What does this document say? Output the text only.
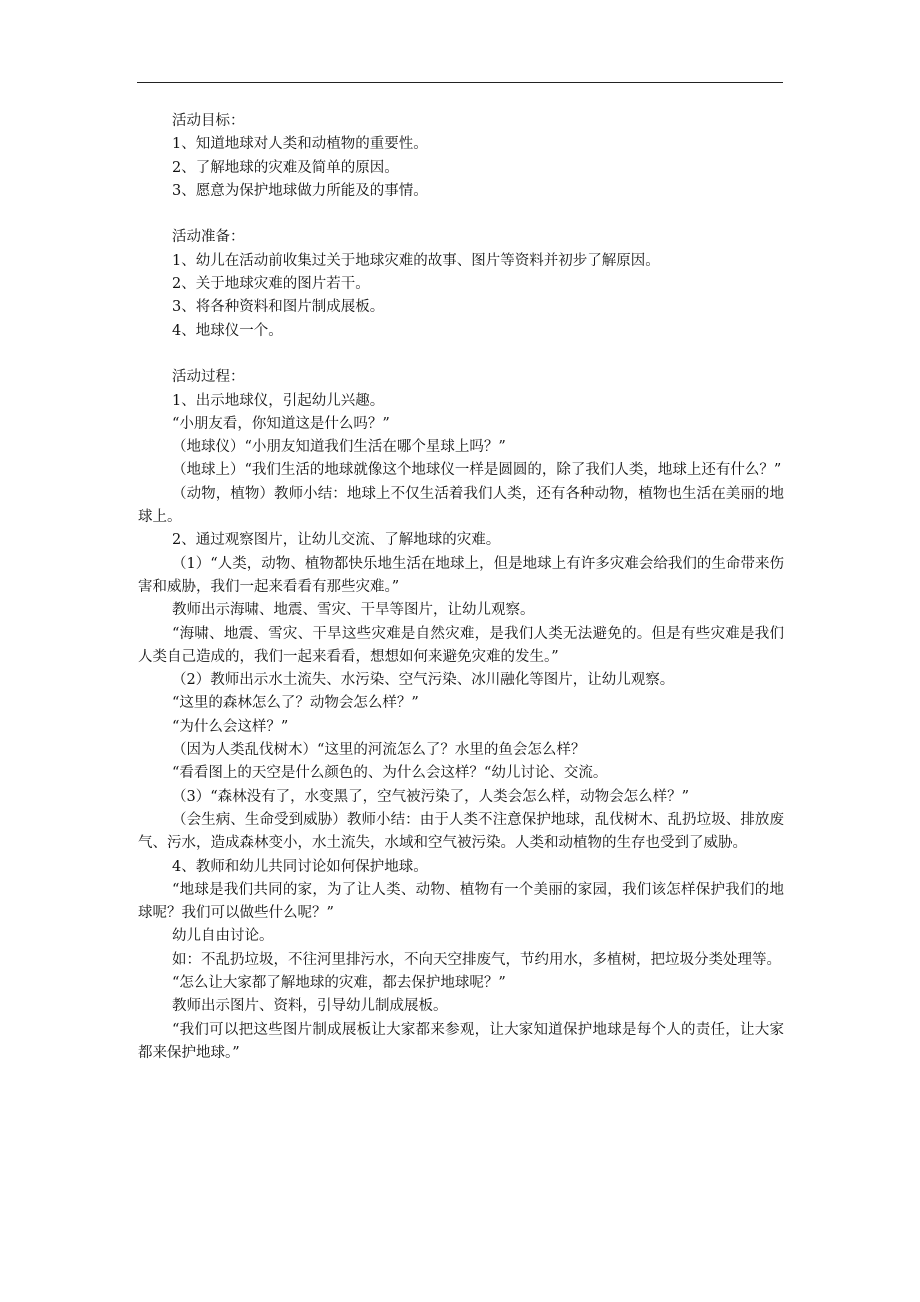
活动目标：

1、知道地球对人类和动植物的重要性。

2、了解地球的灾难及简单的原因。

3、愿意为保护地球做力所能及的事情。

活动准备：

1、幼儿在活动前收集过关于地球灾难的故事、图片等资料并初步了解原因。

2、关于地球灾难的图片若干。

3、将各种资料和图片制成展板。

4、地球仪一个。

活动过程：

1、出示地球仪，引起幼儿兴趣。

“小朋友看，你知道这是什么吗？”

（地球仪）“小朋友知道我们生活在哪个星球上吗？”

（地球上）“我们生活的地球就像这个地球仪一样是圆圆的，除了我们人类，地球上还有什么？”

（动物，植物）教师小结：地球上不仅生活着我们人类，还有各种动物，植物也生活在美丽的地球上。

2、通过观察图片，让幼儿交流、了解地球的灾难。

（1）“人类，动物、植物都快乐地生活在地球上，但是地球上有许多灾难会给我们的生命带来伤害和威胁，我们一起来看看有那些灾难。”

教师出示海啸、地震、雪灾、干旱等图片，让幼儿观察。

“海啸、地震、雪灾、干旱这些灾难是自然灾难，是我们人类无法避免的。但是有些灾难是我们人类自己造成的，我们一起来看看，想想如何来避免灾难的发生。”

（2）教师出示水土流失、水污染、空气污染、冰川融化等图片，让幼儿观察。

“这里的森林怎么了？动物会怎么样？”

“为什么会这样？”

（因为人类乱伐树木）“这里的河流怎么了？水里的鱼会怎么样？

“看看图上的天空是什么颜色的、为什么会这样？“幼儿讨论、交流。

（3）“森林没有了，水变黑了，空气被污染了，人类会怎么样，动物会怎么样？”

（会生病、生命受到威胁）教师小结：由于人类不注意保护地球，乱伐树木、乱扔垃圾、排放废气、污水，造成森林变小，水土流失，水域和空气被污染。人类和动植物的生存也受到了威胁。

4、教师和幼儿共同讨论如何保护地球。

“地球是我们共同的家，为了让人类、动物、植物有一个美丽的家园，我们该怎样保护我们的地球呢？我们可以做些什么呢？”

幼儿自由讨论。

如：不乱扔垃圾，不往河里排污水，不向天空排废气，节约用水，多植树，把垃圾分类处理等。

“怎么让大家都了解地球的灾难，都去保护地球呢？”

教师出示图片、资料，引导幼儿制成展板。

“我们可以把这些图片制成展板让大家都来参观，让大家知道保护地球是每个人的责任，让大家都来保护地球。”
